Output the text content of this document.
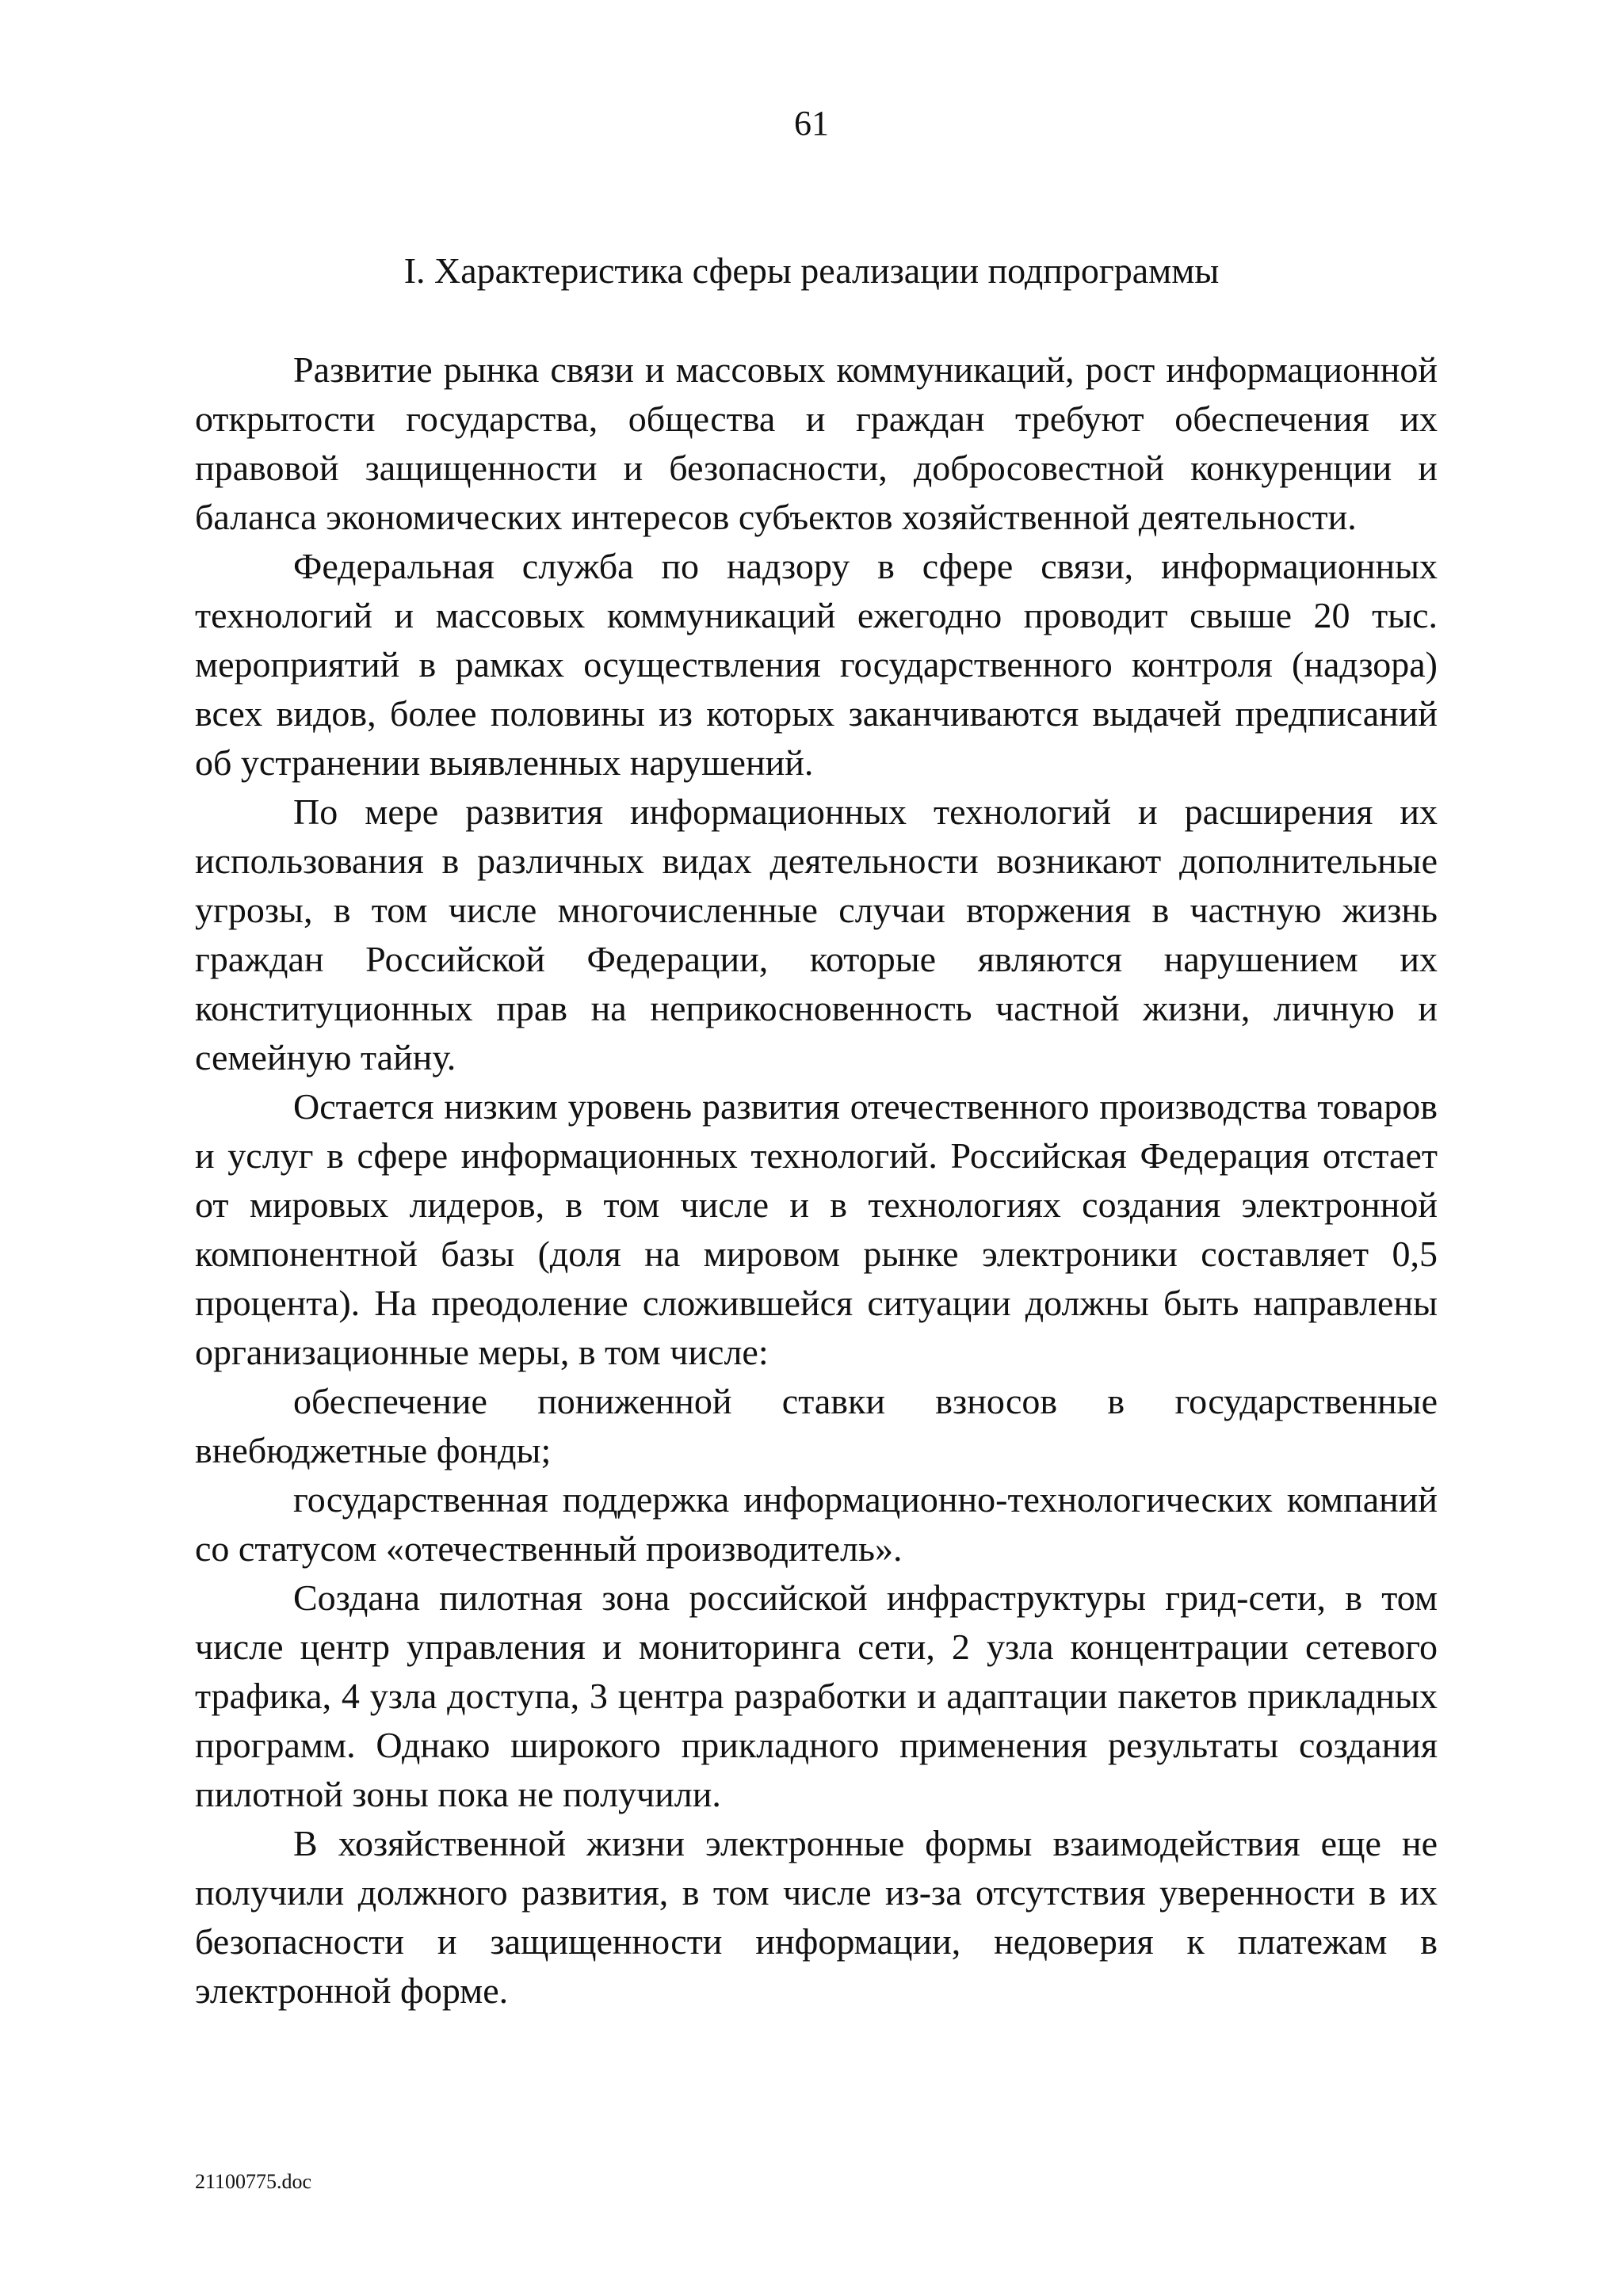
61
I. Характеристика сферы реализации подпрограммы

Развитие рынка связи и массовых коммуникаций, рост информационной открытости государства, общества и граждан требуют обеспечения их правовой защищенности и безопасности, добросовестной конкуренции и баланса экономических интересов субъектов хозяйственной деятельности.

Федеральная служба по надзору в сфере связи, информационных технологий и массовых коммуникаций ежегодно проводит свыше 20 тыс. мероприятий в рамках осуществления государственного контроля (надзора) всех видов, более половины из которых заканчиваются выдачей предписаний об устранении выявленных нарушений.

По мере развития информационных технологий и расширения их использования в различных видах деятельности возникают дополнительные угрозы, в том числе многочисленные случаи вторжения в частную жизнь граждан Российской Федерации, которые являются нарушением их конституционных прав на неприкосновенность частной жизни, личную и семейную тайну.

Остается низким уровень развития отечественного производства товаров и услуг в сфере информационных технологий. Российская Федерация отстает от мировых лидеров, в том числе и в технологиях создания электронной компонентной базы (доля на мировом рынке электроники составляет 0,5 процента). На преодоление сложившейся ситуации должны быть направлены организационные меры, в том числе:

обеспечение пониженной ставки взносов в государственные внебюджетные фонды;

государственная поддержка информационно-технологических компаний со статусом «отечественный производитель».

Создана пилотная зона российской инфраструктуры грид-сети, в том числе центр управления и мониторинга сети, 2 узла концентрации сетевого трафика, 4 узла доступа, 3 центра разработки и адаптации пакетов прикладных программ. Однако широкого прикладного применения результаты создания пилотной зоны пока не получили.

В хозяйственной жизни электронные формы взаимодействия еще не получили должного развития, в том числе из-за отсутствия уверенности в их безопасности и защищенности информации, недоверия к платежам в электронной форме.

21100775.doc
